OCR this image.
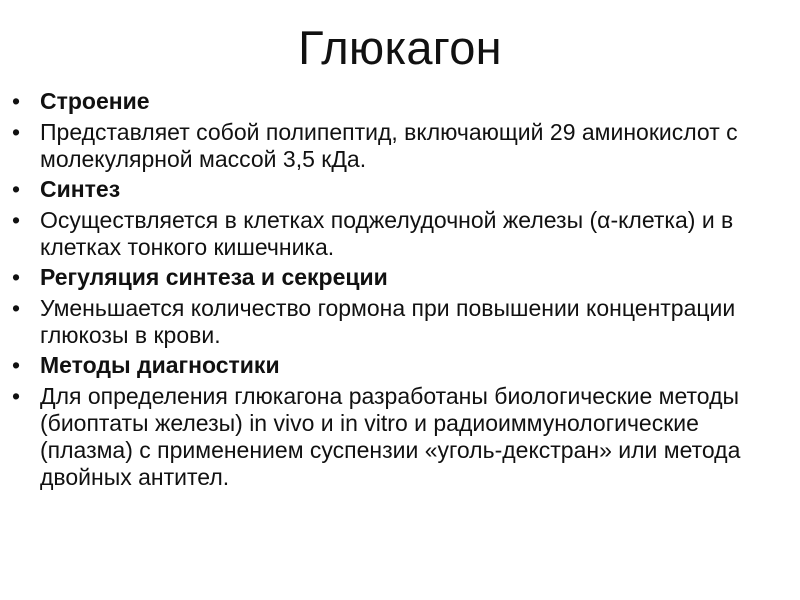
Глюкагон
• Строение
• Представляет собой полипептид, включающий 29 аминокислот с молекулярной массой 3,5 кДа.
• Синтез
• Осуществляется в клетках поджелудочной железы (α-клетка) и в клетках тонкого кишечника.
• Регуляция синтеза и секреции
• Уменьшается количество гормона при повышении концентрации глюкозы в крови.
• Методы диагностики
• Для определения глюкагона разработаны биологические методы (биоптаты железы) in vivo и in vitro и радиоиммунологические (плазма) с применением суспензии «уголь-декстран» или метода двойных антител.
